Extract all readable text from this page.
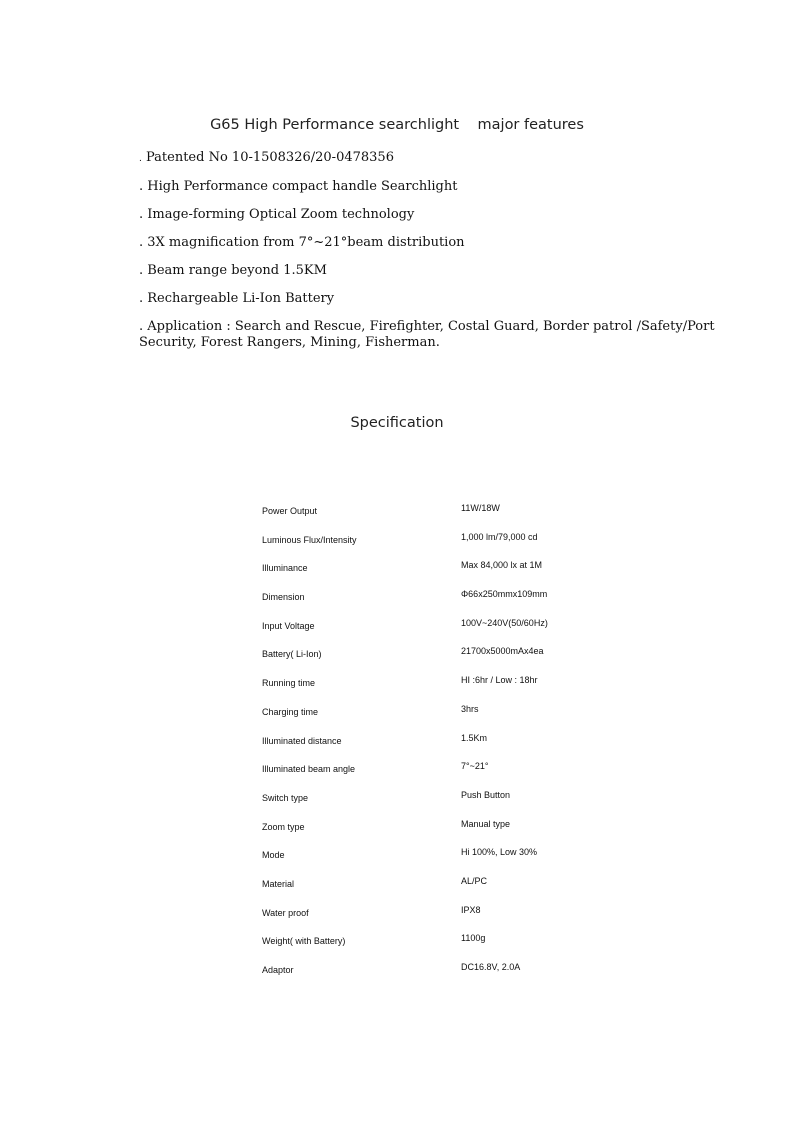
G65 High Performance searchlight    major features
. Patented No 10-1508326/20-0478356
. High Performance compact handle Searchlight
. Image-forming Optical Zoom technology
. 3X magnification from 7°~21°beam distribution
. Beam range beyond 1.5KM
. Rechargeable Li-Ion Battery
. Application : Search and Rescue, Firefighter, Costal Guard, Border patrol /Safety/Port Security, Forest Rangers, Mining, Fisherman.
Specification
Power Output	11W/18W
Luminous Flux/Intensity	1,000 lm/79,000 cd
Illuminance	Max 84,000 lx at 1M
Dimension	Φ66x250mmx109mm
Input Voltage	100V~240V(50/60Hz)
Battery( Li-Ion)	21700x5000mAx4ea
Running time	HI :6hr / Low : 18hr
Charging time	3hrs
Illuminated distance	1.5Km
Illuminated beam angle	7°~21°
Switch type	Push Button
Zoom type	Manual type
Mode	Hi 100%, Low 30%
Material	AL/PC
Water proof	IPX8
Weight( with Battery)	1100g
Adaptor	DC16.8V, 2.0A
